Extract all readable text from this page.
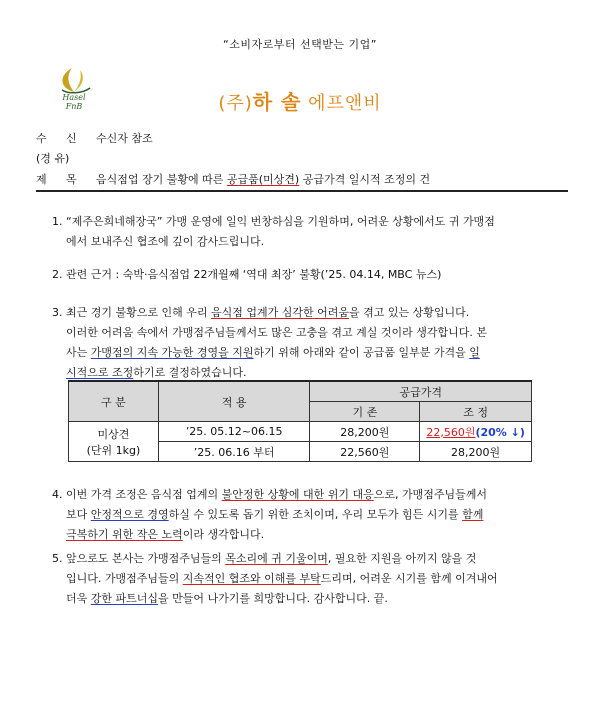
“소비자로부터 선택받는 기업”
Hasel
FnB	(주)하 솔 에프앤비
수 신 수신자 참조
(경 유)
제 목 음식점업 장기 불황에 따른 공급품(미상견) 공급가격 일시적 조정의 건
1. “제주은희네해장국” 가맹 운영에 일익 번창하심을 기원하며, 어려운 상황에서도 귀 가맹점
에서 보내주신 협조에 깊이 감사드립니다.
2. 관련 근거 : 숙박·음식점업 22개월째 ‘역대 최장’ 불황(’25. 04.14, MBC 뉴스)
3. 최근 경기 불황으로 인해 우리 음식점 업계가 심각한 어려움을 겪고 있는 상황입니다.
이러한 어려움 속에서 가맹점주님들께서도 많은 고충을 겪고 계실 것이라 생각합니다. 본
사는 가맹점의 지속 가능한 경영을 지원하기 위해 아래와 같이 공급품 일부분 가격을 일
시적으로 조정하기로 결정하였습니다.
구 분	적 용	공급가격	
		기 존	조 정

미상견
(단위 1kg)	’25. 05.12~06.15	28,200원	22,560원(20% ↓)
	’25. 06.16 부터	22,560원	28,200원
4. 이번 가격 조정은 음식점 업계의 불안정한 상황에 대한 위기 대응으로, 가맹점주님들께서
보다 안정적으로 경영하실 수 있도록 돕기 위한 조치이며, 우리 모두가 힘든 시기를 함께
극복하기 위한 작은 노력이라 생각합니다.
5. 앞으로도 본사는 가맹점주님들의 목소리에 귀 기울이며, 필요한 지원을 아끼지 않을 것
입니다. 가맹점주님들의 지속적인 협조와 이해를 부탁드리며, 어려운 시기를 함께 이겨내어
더욱 강한 파트너십을 만들어 나가기를 희망합니다. 감사합니다. 끝.
